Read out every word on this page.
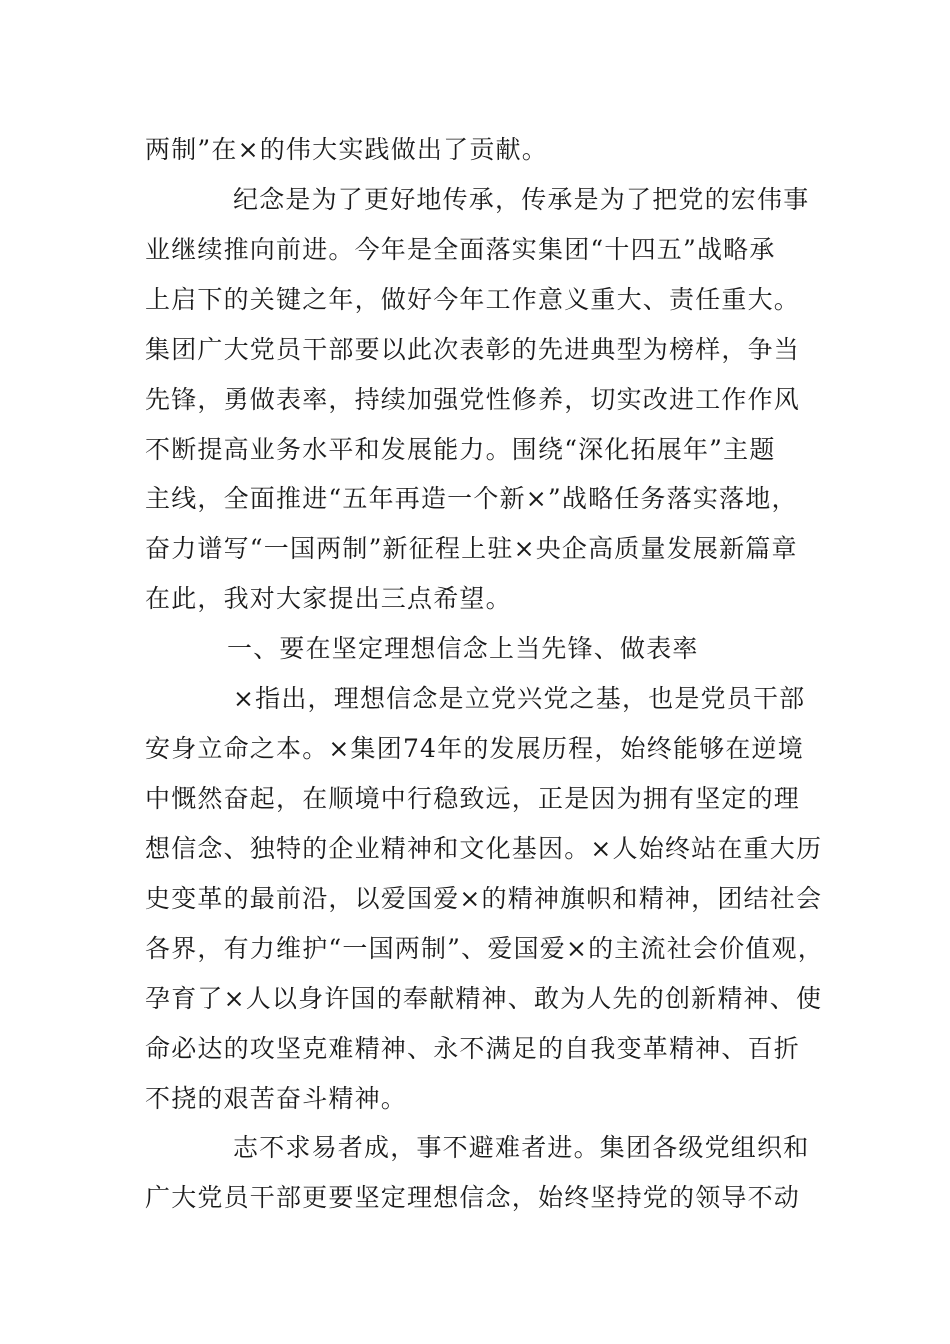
两制”在×的伟大实践做出了贡献。
纪念是为了更好地传承，传承是为了把党的宏伟事
业继续推向前进。今年是全面落实集团“十四五”战略承
上启下的关键之年，做好今年工作意义重大、责任重大。
集团广大党员干部要以此次表彰的先进典型为榜样，争当
先锋，勇做表率，持续加强党性修养，切实改进工作作风
不断提高业务水平和发展能力。围绕“深化拓展年”主题
主线，全面推进“五年再造一个新×”战略任务落实落地，
奋力谱写“一国两制”新征程上驻×央企高质量发展新篇章
在此，我对大家提出三点希望。
一、要在坚定理想信念上当先锋、做表率
×指出，理想信念是立党兴党之基，也是党员干部
安身立命之本。×集团74年的发展历程，始终能够在逆境
中慨然奋起，在顺境中行稳致远，正是因为拥有坚定的理
想信念、独特的企业精神和文化基因。×人始终站在重大历
史变革的最前沿，以爱国爱×的精神旗帜和精神，团结社会
各界，有力维护“一国两制”、爱国爱×的主流社会价值观，
孕育了×人以身许国的奉献精神、敢为人先的创新精神、使
命必达的攻坚克难精神、永不满足的自我变革精神、百折
不挠的艰苦奋斗精神。
志不求易者成，事不避难者进。集团各级党组织和
广大党员干部更要坚定理想信念，始终坚持党的领导不动
